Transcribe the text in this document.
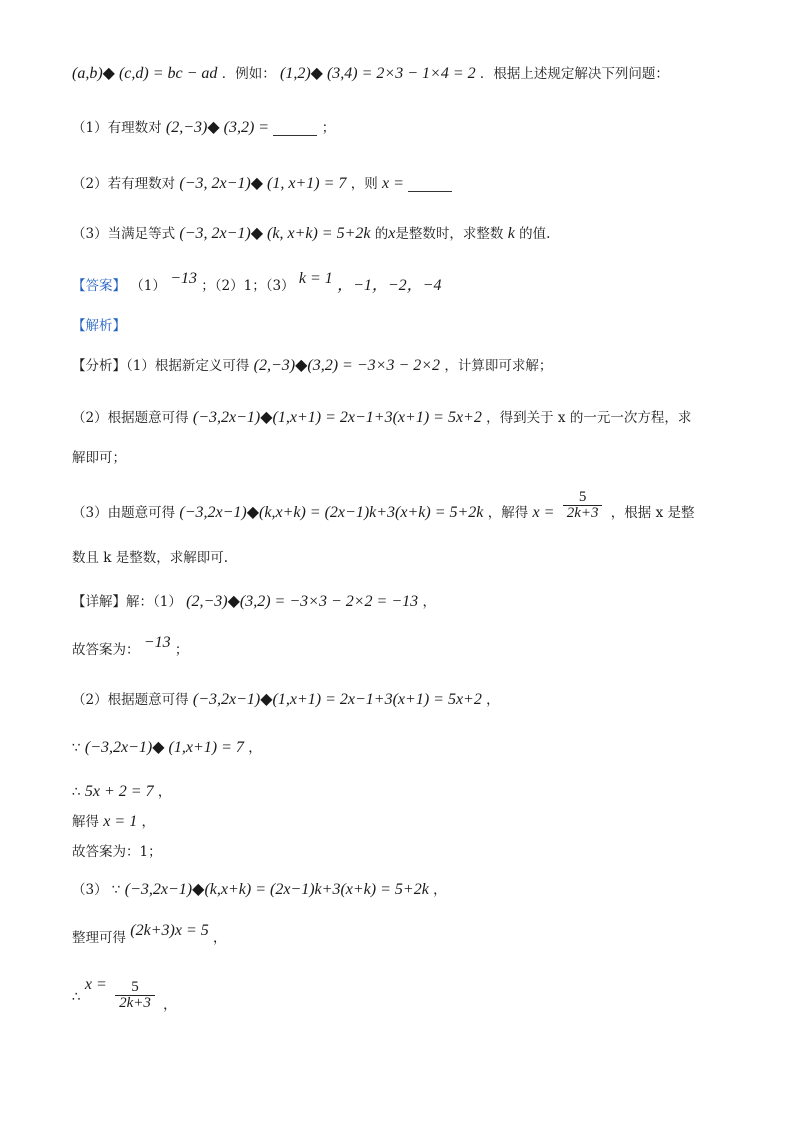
(a,b)◆ (c,d) = bc − ad ．例如： (1,2)◆ (3,4) = 2×3 − 1×4 = 2 ．根据上述规定解决下列问题：
（1）有理数对 (2,−3)◆ (3,2) =	；
（2）若有理数对 (−3, 2x−1)◆ (1, x+1) = 7 ，则 x =
（3）当满足等式 (−3, 2x−1)◆ (k, x+k) = 5+2k 的x是整数时，求整数 k 的值.
【答案】 （1） −13 ；（2）1；（3） k = 1 ，−1，−2，−4
【解析】
【分析】（1）根据新定义可得 (2,−3)◆(3,2) = −3×3 − 2×2 ，计算即可求解；
（2）根据题意可得 (−3,2x−1)◆(1,x+1) = 2x−1+3(x+1) = 5x+2 ，得到关于 x 的一元一次方程，求
解即可；
（3）由题意可得 (−3,2x−1)◆(k,x+k) = (2x−1)k+3(x+k) = 5+2k ，解得 $x = \frac{5}{2k+3}$ ，根据 x 是整
数且 k 是整数，求解即可.
【详解】解：（1） (2,−3)◆(3,2) = −3×3 − 2×2 = −13 ，
故答案为： −13 ；
（2）根据题意可得 (−3,2x−1)◆(1,x+1) = 2x−1+3(x+1) = 5x+2 ，
∵ (−3,2x−1)◆ (1,x+1) = 7 ，
∴ 5x + 2 = 7 ，
解得 x = 1 ，
故答案为：1；
（3） ∵ (−3,2x−1)◆(k,x+k) = (2x−1)k+3(x+k) = 5+2k ，
整理可得 (2k+3)x = 5 ，
∴ $x = \frac{5}{2k+3}$ ，
